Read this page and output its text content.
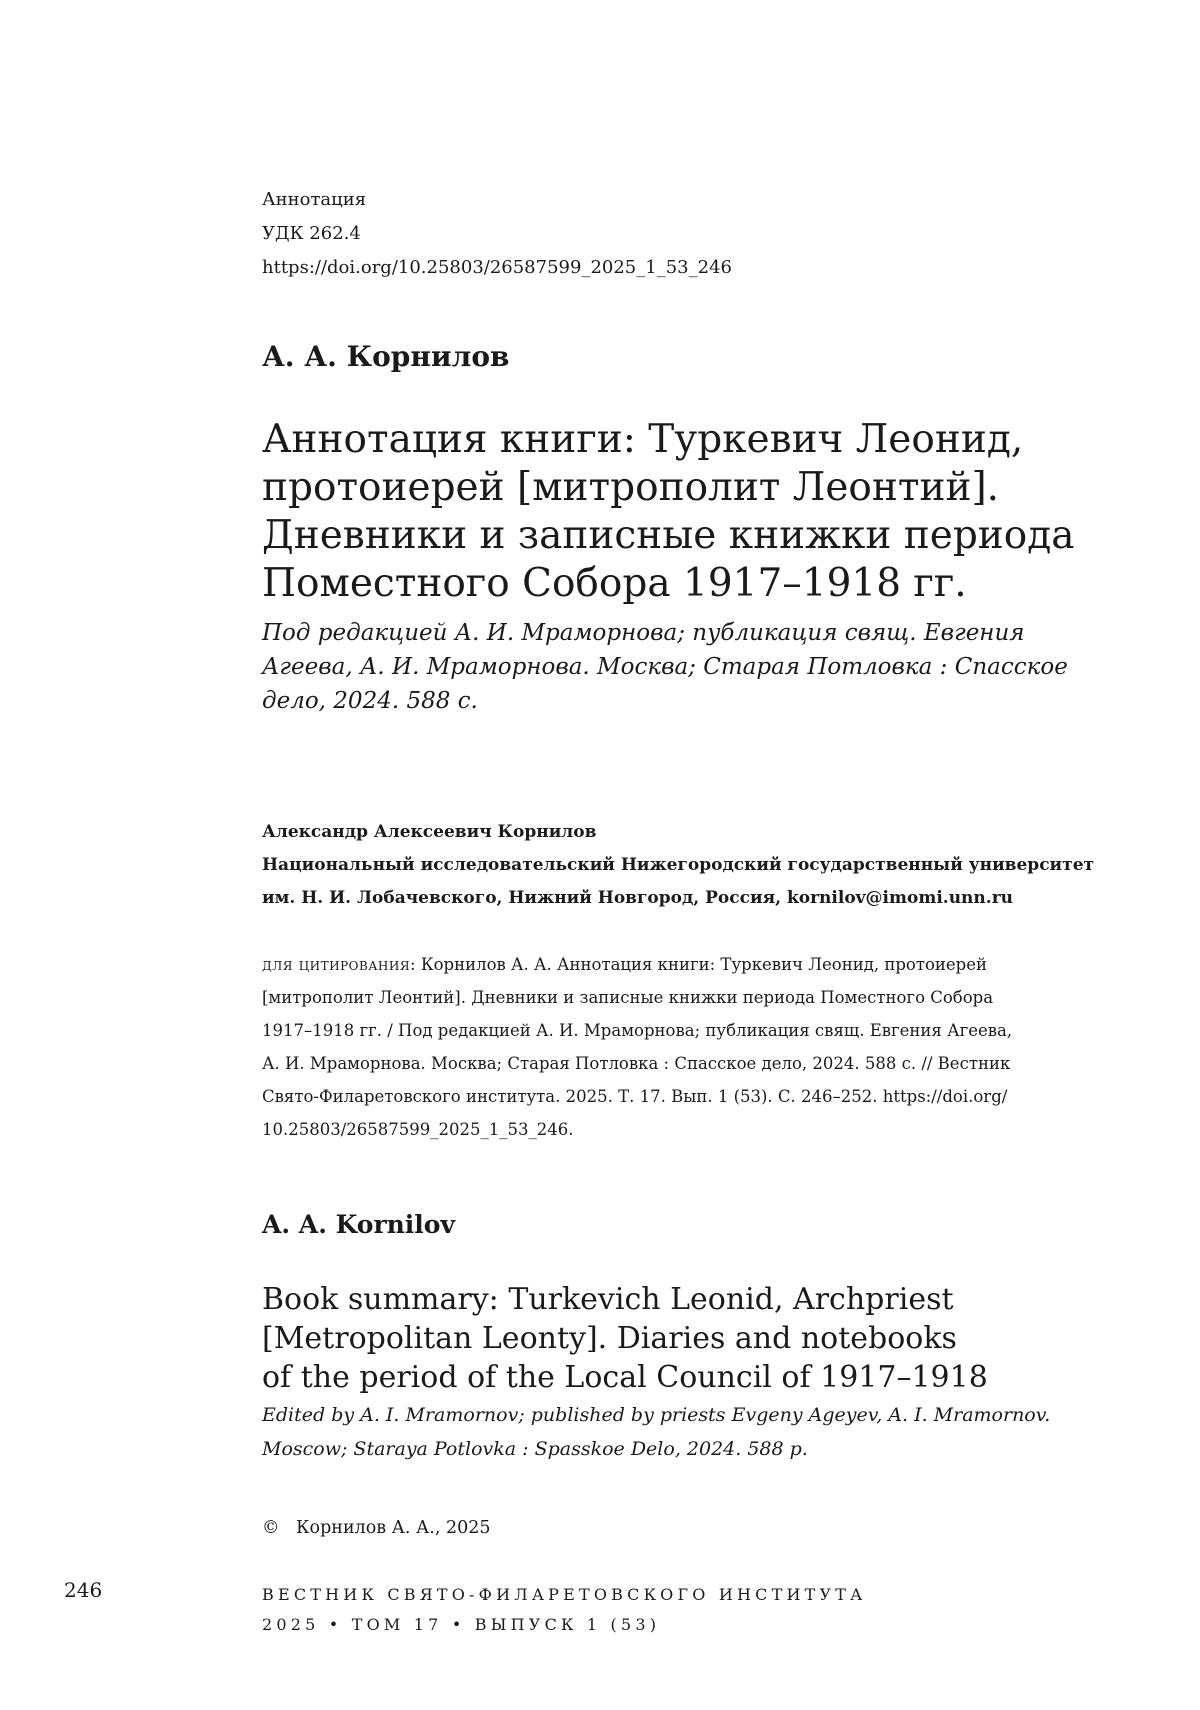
Аннотация
УДК 262.4
https://doi.org/10.25803/26587599_2025_1_53_246
А. А. Корнилов
Аннотация книги: Туркевич Леонид,
протоиерей [митрополит Леонтий].
Дневники и записные книжки периода
Поместного Собора 1917–1918 гг.
Под редакцией А. И. Мраморнова; публикация свящ. Евгения
Агеева, А. И. Мраморнова. Москва; Старая Потловка : Спасское
дело, 2024. 588 с.
Александр Алексеевич Корнилов
Национальный исследовательский Нижегородский государственный университет
им. Н. И. Лобачевского, Нижний Новгород, Россия, kornilov@imomi.unn.ru
для цитирования: Корнилов А. А. Аннотация книги: Туркевич Леонид, протоиерей
[митрополит Леонтий]. Дневники и записные книжки периода Поместного Собора
1917–1918 гг. / Под редакцией А. И. Мраморнова; публикация свящ. Евгения Агеева,
А. И. Мраморнова. Москва; Старая Потловка : Спасское дело, 2024. 588 с. // Вестник
Свято-Филаретовского института. 2025. Т. 17. Вып. 1 (53). С. 246–252. https://doi.org/
10.25803/26587599_2025_1_53_246.
A. A. Kornilov
Book summary: Turkevich Leonid, Archpriest
[Metropolitan Leonty]. Diaries and notebooks
of the period of the Local Council of 1917–1918
Edited by A. I. Mramornov; published by priests Evgeny Ageyev, A. I. Mramornov.
Moscow; Staraya Potlovka : Spasskoe Delo, 2024. 588 p.
© Корнилов А. А., 2025
246	ВЕСТНИК СВЯТО-ФИЛАРЕТОВСКОГО ИНСТИТУТА
2025 • ТОМ 17 • ВЫПУСК 1 (53)
